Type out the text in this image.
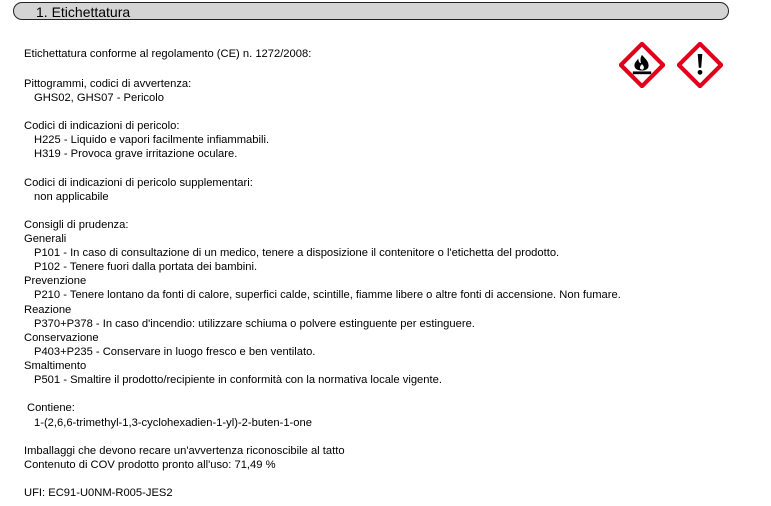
1. Etichettatura
Etichettatura conforme al regolamento (CE) n. 1272/2008:
Pittogrammi, codici di avvertenza:
GHS02, GHS07 - Pericolo
Codici di indicazioni di pericolo:
H225 - Liquido e vapori facilmente infiammabili.
H319 - Provoca grave irritazione oculare.
Codici di indicazioni di pericolo supplementari:
non applicabile
Consigli di prudenza:
Generali
P101 - In caso di consultazione di un medico, tenere a disposizione il contenitore o l'etichetta del prodotto.
P102 - Tenere fuori dalla portata dei bambini.
Prevenzione
P210 - Tenere lontano da fonti di calore, superfici calde, scintille, fiamme libere o altre fonti di accensione. Non fumare.
Reazione
P370+P378 - In caso d'incendio: utilizzare schiuma o polvere estinguente per estinguere.
Conservazione
P403+P235 - Conservare in luogo fresco e ben ventilato.
Smaltimento
P501 - Smaltire il prodotto/recipiente in conformità con la normativa locale vigente.
Contiene:
1-(2,6,6-trimethyl-1,3-cyclohexadien-1-yl)-2-buten-1-one
Imballaggi che devono recare un'avvertenza riconoscibile al tatto
Contenuto di COV prodotto pronto all'uso: 71,49 %
UFI: EC91-U0NM-R005-JES2
